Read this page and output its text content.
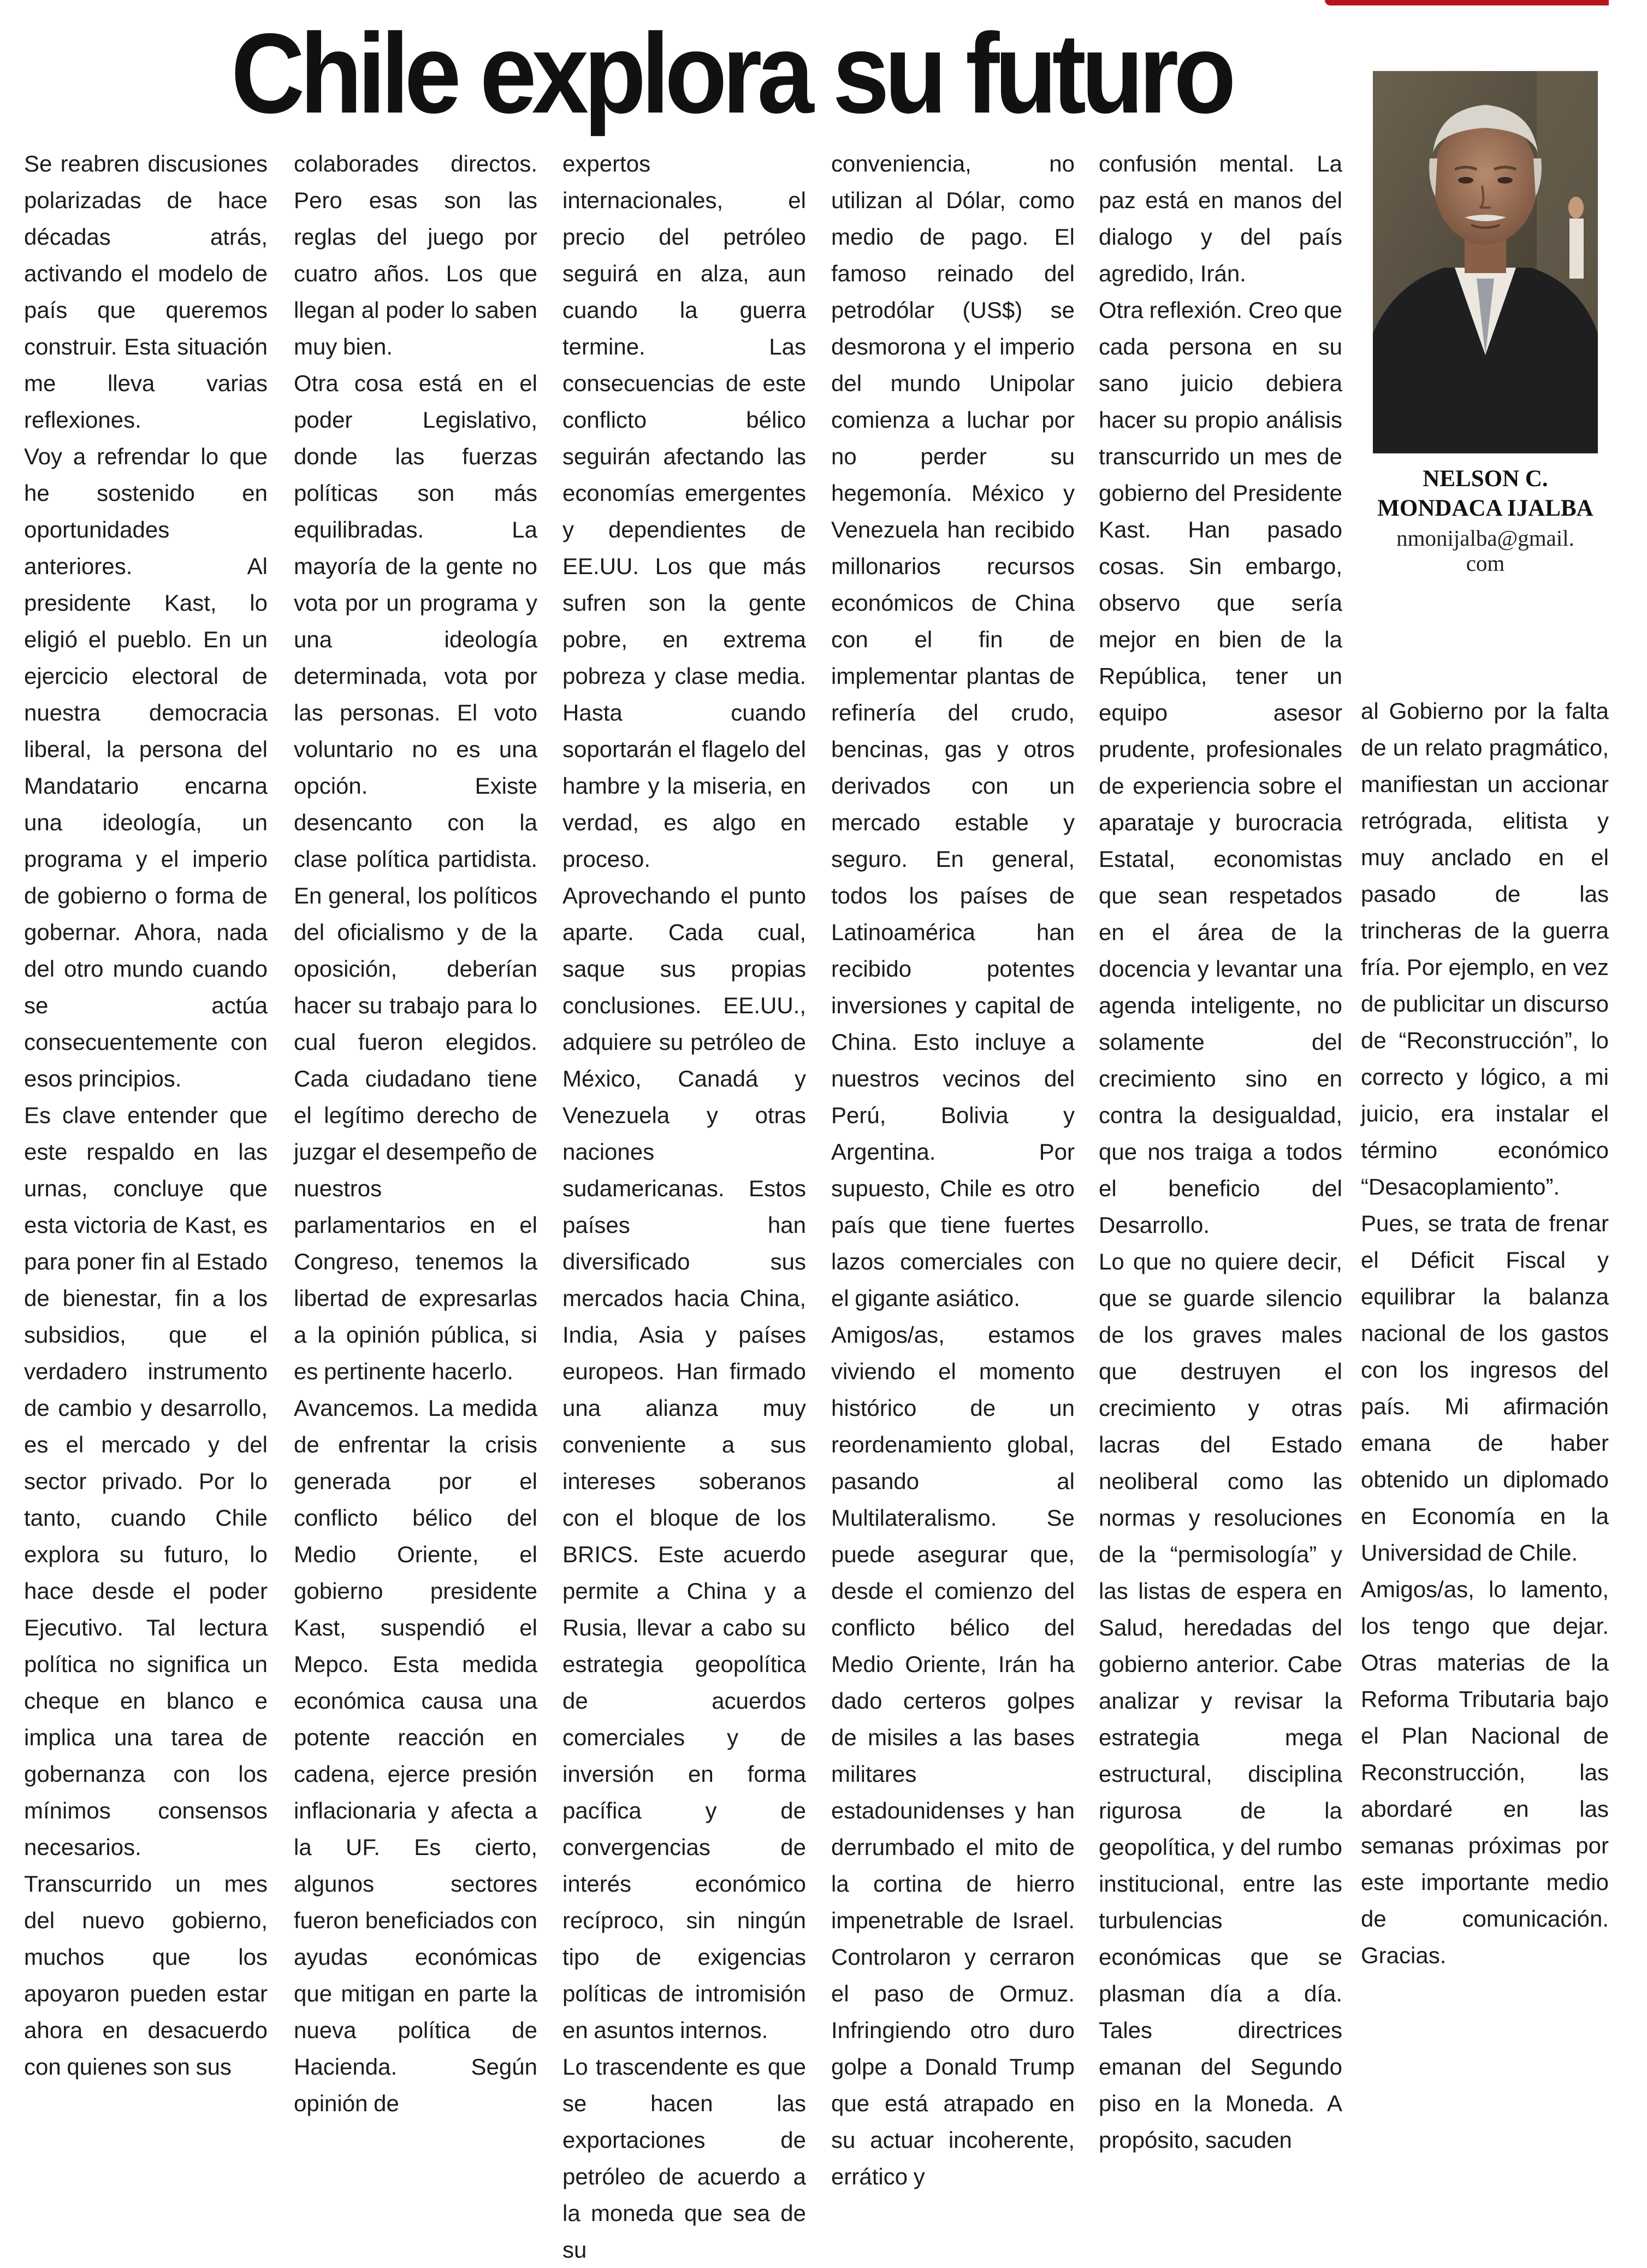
Chile explora su futuro

Se reabren discusiones polarizadas de hace décadas atrás, activando el modelo de país que queremos construir. Esta situación me lleva varias reflexiones.

Voy a refrendar lo que he sostenido en oportunidades anteriores. Al presidente Kast, lo eligió el pueblo. En un ejercicio electoral de nuestra democracia liberal, la persona del Mandatario encarna una ideología, un programa y el imperio de gobierno o forma de gobernar. Ahora, nada del otro mundo cuando se actúa consecuentemente con esos principios.

Es clave entender que este respaldo en las urnas, concluye que esta victoria de Kast, es para poner fin al Estado de bienestar, fin a los subsidios, que el verdadero instrumento de cambio y desarrollo, es el mercado y del sector privado. Por lo tanto, cuando Chile explora su futuro, lo hace desde el poder Ejecutivo. Tal lectura política no significa un cheque en blanco e implica una tarea de gobernanza con los mínimos consensos necesarios.

Transcurrido un mes del nuevo gobierno, muchos que los apoyaron pueden estar ahora en desacuerdo con quienes son sus

colaborades directos. Pero esas son las reglas del juego por cuatro años. Los que llegan al poder lo saben muy bien.

Otra cosa está en el poder Legislativo, donde las fuerzas políticas son más equilibradas. La mayoría de la gente no vota por un programa y una ideología determinada, vota por las personas. El voto voluntario no es una opción. Existe desencanto con la clase política partidista. En general, los políticos del oficialismo y de la oposición, deberían hacer su trabajo para lo cual fueron elegidos. Cada ciudadano tiene el legítimo derecho de juzgar el desempeño de nuestros parlamentarios en el Congreso, tenemos la libertad de expresarlas a la opinión pública, si es pertinente hacerlo.

Avancemos. La medida de enfrentar la crisis generada por el conflicto bélico del Medio Oriente, el gobierno presidente Kast, suspendió el Mepco. Esta medida económica causa una potente reacción en cadena, ejerce presión inflacionaria y afecta a la UF. Es cierto, algunos sectores fueron beneficiados con ayudas económicas que mitigan en parte la nueva política de Hacienda. Según opinión de

expertos internacionales, el precio del petróleo seguirá en alza, aun cuando la guerra termine. Las consecuencias de este conflicto bélico seguirán afectando las economías emergentes y dependientes de EE.UU. Los que más sufren son la gente pobre, en extrema pobreza y clase media. Hasta cuando soportarán el flagelo del hambre y la miseria, en verdad, es algo en proceso.

Aprovechando el punto aparte. Cada cual, saque sus propias conclusiones. EE.UU., adquiere su petróleo de México, Canadá y Venezuela y otras naciones sudamericanas. Estos países han diversificado sus mercados hacia China, India, Asia y países europeos. Han firmado una alianza muy conveniente a sus intereses soberanos con el bloque de los BRICS. Este acuerdo permite a China y a Rusia, llevar a cabo su estrategia geopolítica de acuerdos comerciales y de inversión en forma pacífica y de convergencias de interés económico recíproco, sin ningún tipo de exigencias políticas de intromisión en asuntos internos.

Lo trascendente es que se hacen las exportaciones de petróleo de acuerdo a la moneda que sea de su

conveniencia, no utilizan al Dólar, como medio de pago. El famoso reinado del petrodólar (US$) se desmorona y el imperio del mundo Unipolar comienza a luchar por no perder su hegemonía. México y Venezuela han recibido millonarios recursos económicos de China con el fin de implementar plantas de refinería del crudo, bencinas, gas y otros derivados con un mercado estable y seguro. En general, todos los países de Latinoamérica han recibido potentes inversiones y capital de China. Esto incluye a nuestros vecinos del Perú, Bolivia y Argentina. Por supuesto, Chile es otro país que tiene fuertes lazos comerciales con el gigante asiático.

Amigos/as, estamos viviendo el momento histórico de un reordenamiento global, pasando al Multilateralismo. Se puede asegurar que, desde el comienzo del conflicto bélico del Medio Oriente, Irán ha dado certeros golpes de misiles a las bases militares estadounidenses y han derrumbado el mito de la cortina de hierro impenetrable de Israel. Controlaron y cerraron el paso de Ormuz. Infringiendo otro duro golpe a Donald Trump que está atrapado en su actuar incoherente, errático y

confusión mental. La paz está en manos del dialogo y del país agredido, Irán.

Otra reflexión. Creo que cada persona en su sano juicio debiera hacer su propio análisis transcurrido un mes de gobierno del Presidente Kast. Han pasado cosas. Sin embargo, observo que sería mejor en bien de la República, tener un equipo asesor prudente, profesionales de experiencia sobre el aparataje y burocracia Estatal, economistas que sean respetados en el área de la docencia y levantar una agenda inteligente, no solamente del crecimiento sino en contra la desigualdad, que nos traiga a todos el beneficio del Desarrollo.

Lo que no quiere decir, que se guarde silencio de los graves males que destruyen el crecimiento y otras lacras del Estado neoliberal como las normas y resoluciones de la “permisología” y las listas de espera en Salud, heredadas del gobierno anterior. Cabe analizar y revisar la estrategia mega estructural, disciplina rigurosa de la geopolítica, y del rumbo institucional, entre las turbulencias económicas que se plasman día a día. Tales directrices emanan del Segundo piso en la Moneda. A propósito, sacuden

al Gobierno por la falta de un relato pragmático, manifiestan un accionar retrógrada, elitista y muy anclado en el pasado de las trincheras de la guerra fría. Por ejemplo, en vez de publicitar un discurso de “Reconstrucción”, lo correcto y lógico, a mi juicio, era instalar el término económico “Desacoplamiento”. Pues, se trata de frenar el Déficit Fiscal y equilibrar la balanza nacional de los gastos con los ingresos del país. Mi afirmación emana de haber obtenido un diplomado en Economía en la Universidad de Chile.

Amigos/as, lo lamento, los tengo que dejar. Otras materias de la Reforma Tributaria bajo el Plan Nacional de Reconstrucción, las abordaré en las semanas próximas por este importante medio de comunicación. Gracias.

NELSON C.

MONDACA IJALBA

nmonijalba@gmail.

com
